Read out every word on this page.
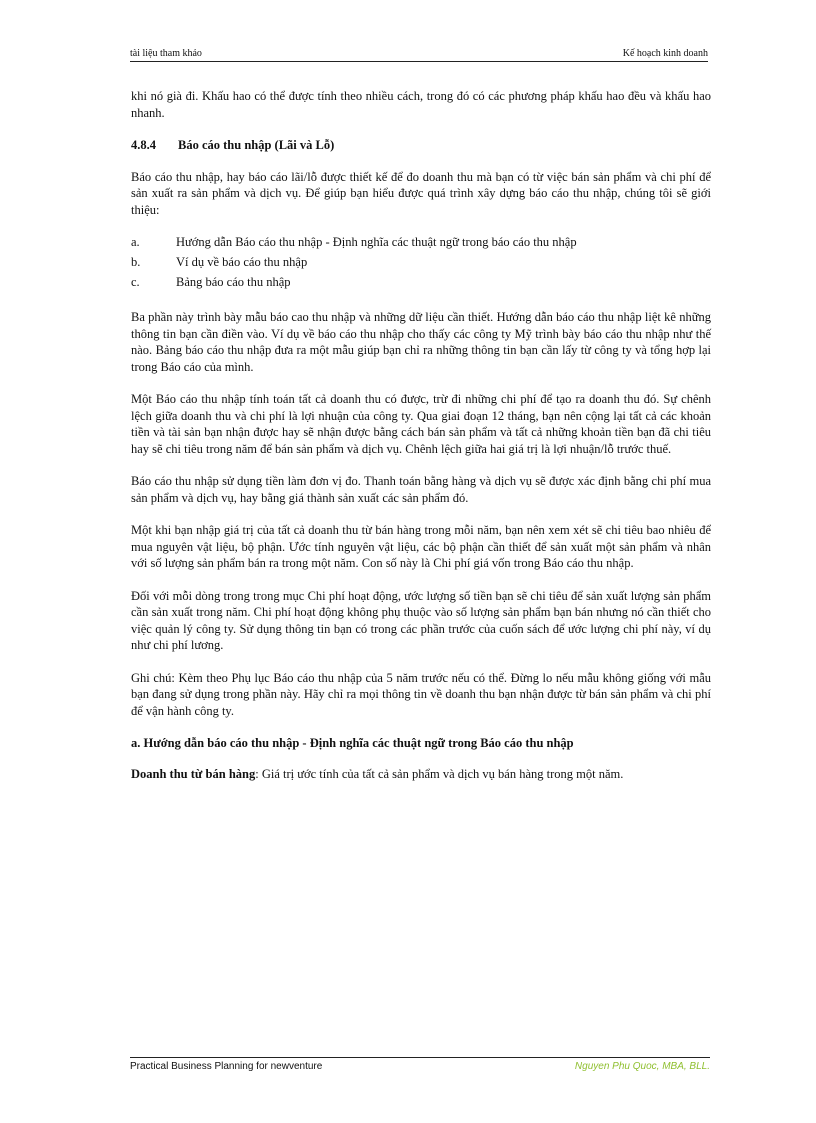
tài liệu tham khảo	Kế hoạch kinh doanh

khi nó già đi. Khấu hao có thể được tính theo nhiều cách, trong đó có các phương pháp khấu hao đều và khấu hao nhanh.

4.8.4 Báo cáo thu nhập (Lãi và Lỗ)

Báo cáo thu nhập, hay báo cáo lãi/lỗ được thiết kế để đo doanh thu mà bạn có từ việc bán sản phẩm và chi phí để sản xuất ra sản phẩm và dịch vụ. Để giúp bạn hiểu được quá trình xây dựng báo cáo thu nhập, chúng tôi sẽ giới thiệu:

a.	Hướng dẫn Báo cáo thu nhập - Định nghĩa các thuật ngữ trong báo cáo thu nhập
b.	Ví dụ về báo cáo thu nhập
c.	Bảng báo cáo thu nhập

Ba phần này trình bày mẫu báo cao thu nhập và những dữ liệu cần thiết. Hướng dẫn báo cáo thu nhập liệt kê những thông tin bạn cần điền vào. Ví dụ về báo cáo thu nhập cho thấy các công ty Mỹ trình bày báo cáo thu nhập như thế nào. Bảng báo cáo thu nhập đưa ra một mẫu giúp bạn chỉ ra những thông tin bạn cần lấy từ công ty và tổng hợp lại trong Báo cáo của mình.

Một Báo cáo thu nhập tính toán tất cả doanh thu có được, trừ đi những chi phí để tạo ra doanh thu đó. Sự chênh lệch giữa doanh thu và chi phí là lợi nhuận của công ty. Qua giai đoạn 12 tháng, bạn nên cộng lại tất cả các khoản tiền và tài sản bạn nhận được hay sẽ nhận được bằng cách bán sản phẩm và tất cả những khoản tiền bạn đã chi tiêu hay sẽ chi tiêu trong năm để bán sản phẩm và dịch vụ. Chênh lệch giữa hai giá trị là lợi nhuận/lỗ trước thuế.

Báo cáo thu nhập sử dụng tiền làm đơn vị đo. Thanh toán bằng hàng và dịch vụ sẽ được xác định bằng chi phí mua sản phẩm và dịch vụ, hay bằng giá thành sản xuất các sản phẩm đó.

Một khi bạn nhập giá trị của tất cả doanh thu từ bán hàng trong mỗi năm, bạn nên xem xét sẽ chi tiêu bao nhiêu để mua nguyên vật liệu, bộ phận. Ước tính nguyên vật liệu, các bộ phận cần thiết để sản xuất một sản phẩm và nhân với số lượng sản phẩm bán ra trong một năm. Con số này là Chi phí giá vốn trong Báo cáo thu nhập.

Đối với mỗi dòng trong trong mục Chi phí hoạt động, ước lượng số tiền bạn sẽ chi tiêu để sản xuất lượng sản phẩm cần sản xuất trong năm. Chi phí hoạt động không phụ thuộc vào số lượng sản phẩm bạn bán nhưng nó cần thiết cho việc quản lý công ty. Sử dụng thông tin bạn có trong các phần trước của cuốn sách để ước lượng chi phí này, ví dụ như chi phí lương.

Ghi chú: Kèm theo Phụ lục Báo cáo thu nhập của 5 năm trước nếu có thể. Đừng lo nếu mẫu không giống với mẫu bạn đang sử dụng trong phần này. Hãy chỉ ra mọi thông tin về doanh thu bạn nhận được từ bán sản phẩm và chi phí để vận hành công ty.

a. Hướng dẫn báo cáo thu nhập - Định nghĩa các thuật ngữ trong Báo cáo thu nhập

Doanh thu từ bán hàng: Giá trị ước tính của tất cả sản phẩm và dịch vụ bán hàng trong một năm.

Practical Business Planning for newventure	Nguyen Phu Quoc, MBA, BLL.
